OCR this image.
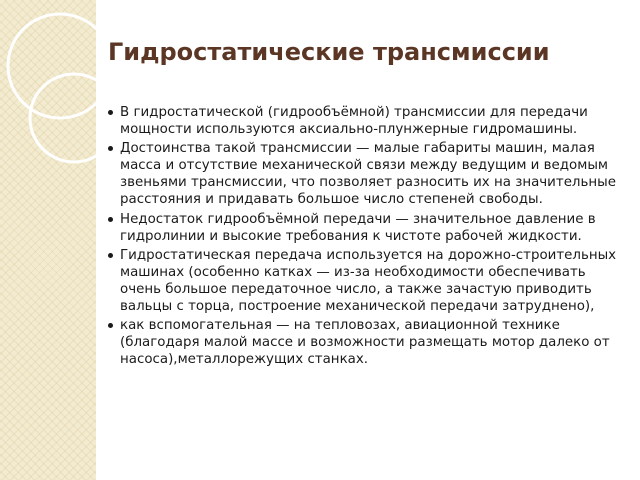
Гидростатические трансмиссии
В гидростатической (гидрообъёмной) трансмиссии для передачи мощности используются аксиально-плунжерные гидромашины.
Достоинства такой трансмиссии — малые габариты машин, малая масса и отсутствие механической связи между ведущим и ведомым звеньями трансмиссии, что позволяет разносить их на значительные расстояния и придавать большое число степеней свободы.
Недостаток гидрообъёмной передачи — значительное давление в гидролинии и высокие требования к чистоте рабочей жидкости.
Гидростатическая передача используется на дорожно-строительных машинах (особенно катках — из-за необходимости обеспечивать очень большое передаточное число, а также зачастую приводить вальцы с торца, построение механической передачи затруднено),
как вспомогательная — на тепловозах, авиационной технике (благодаря малой массе и возможности размещать мотор далеко от насоса),металлорежущих станках.
